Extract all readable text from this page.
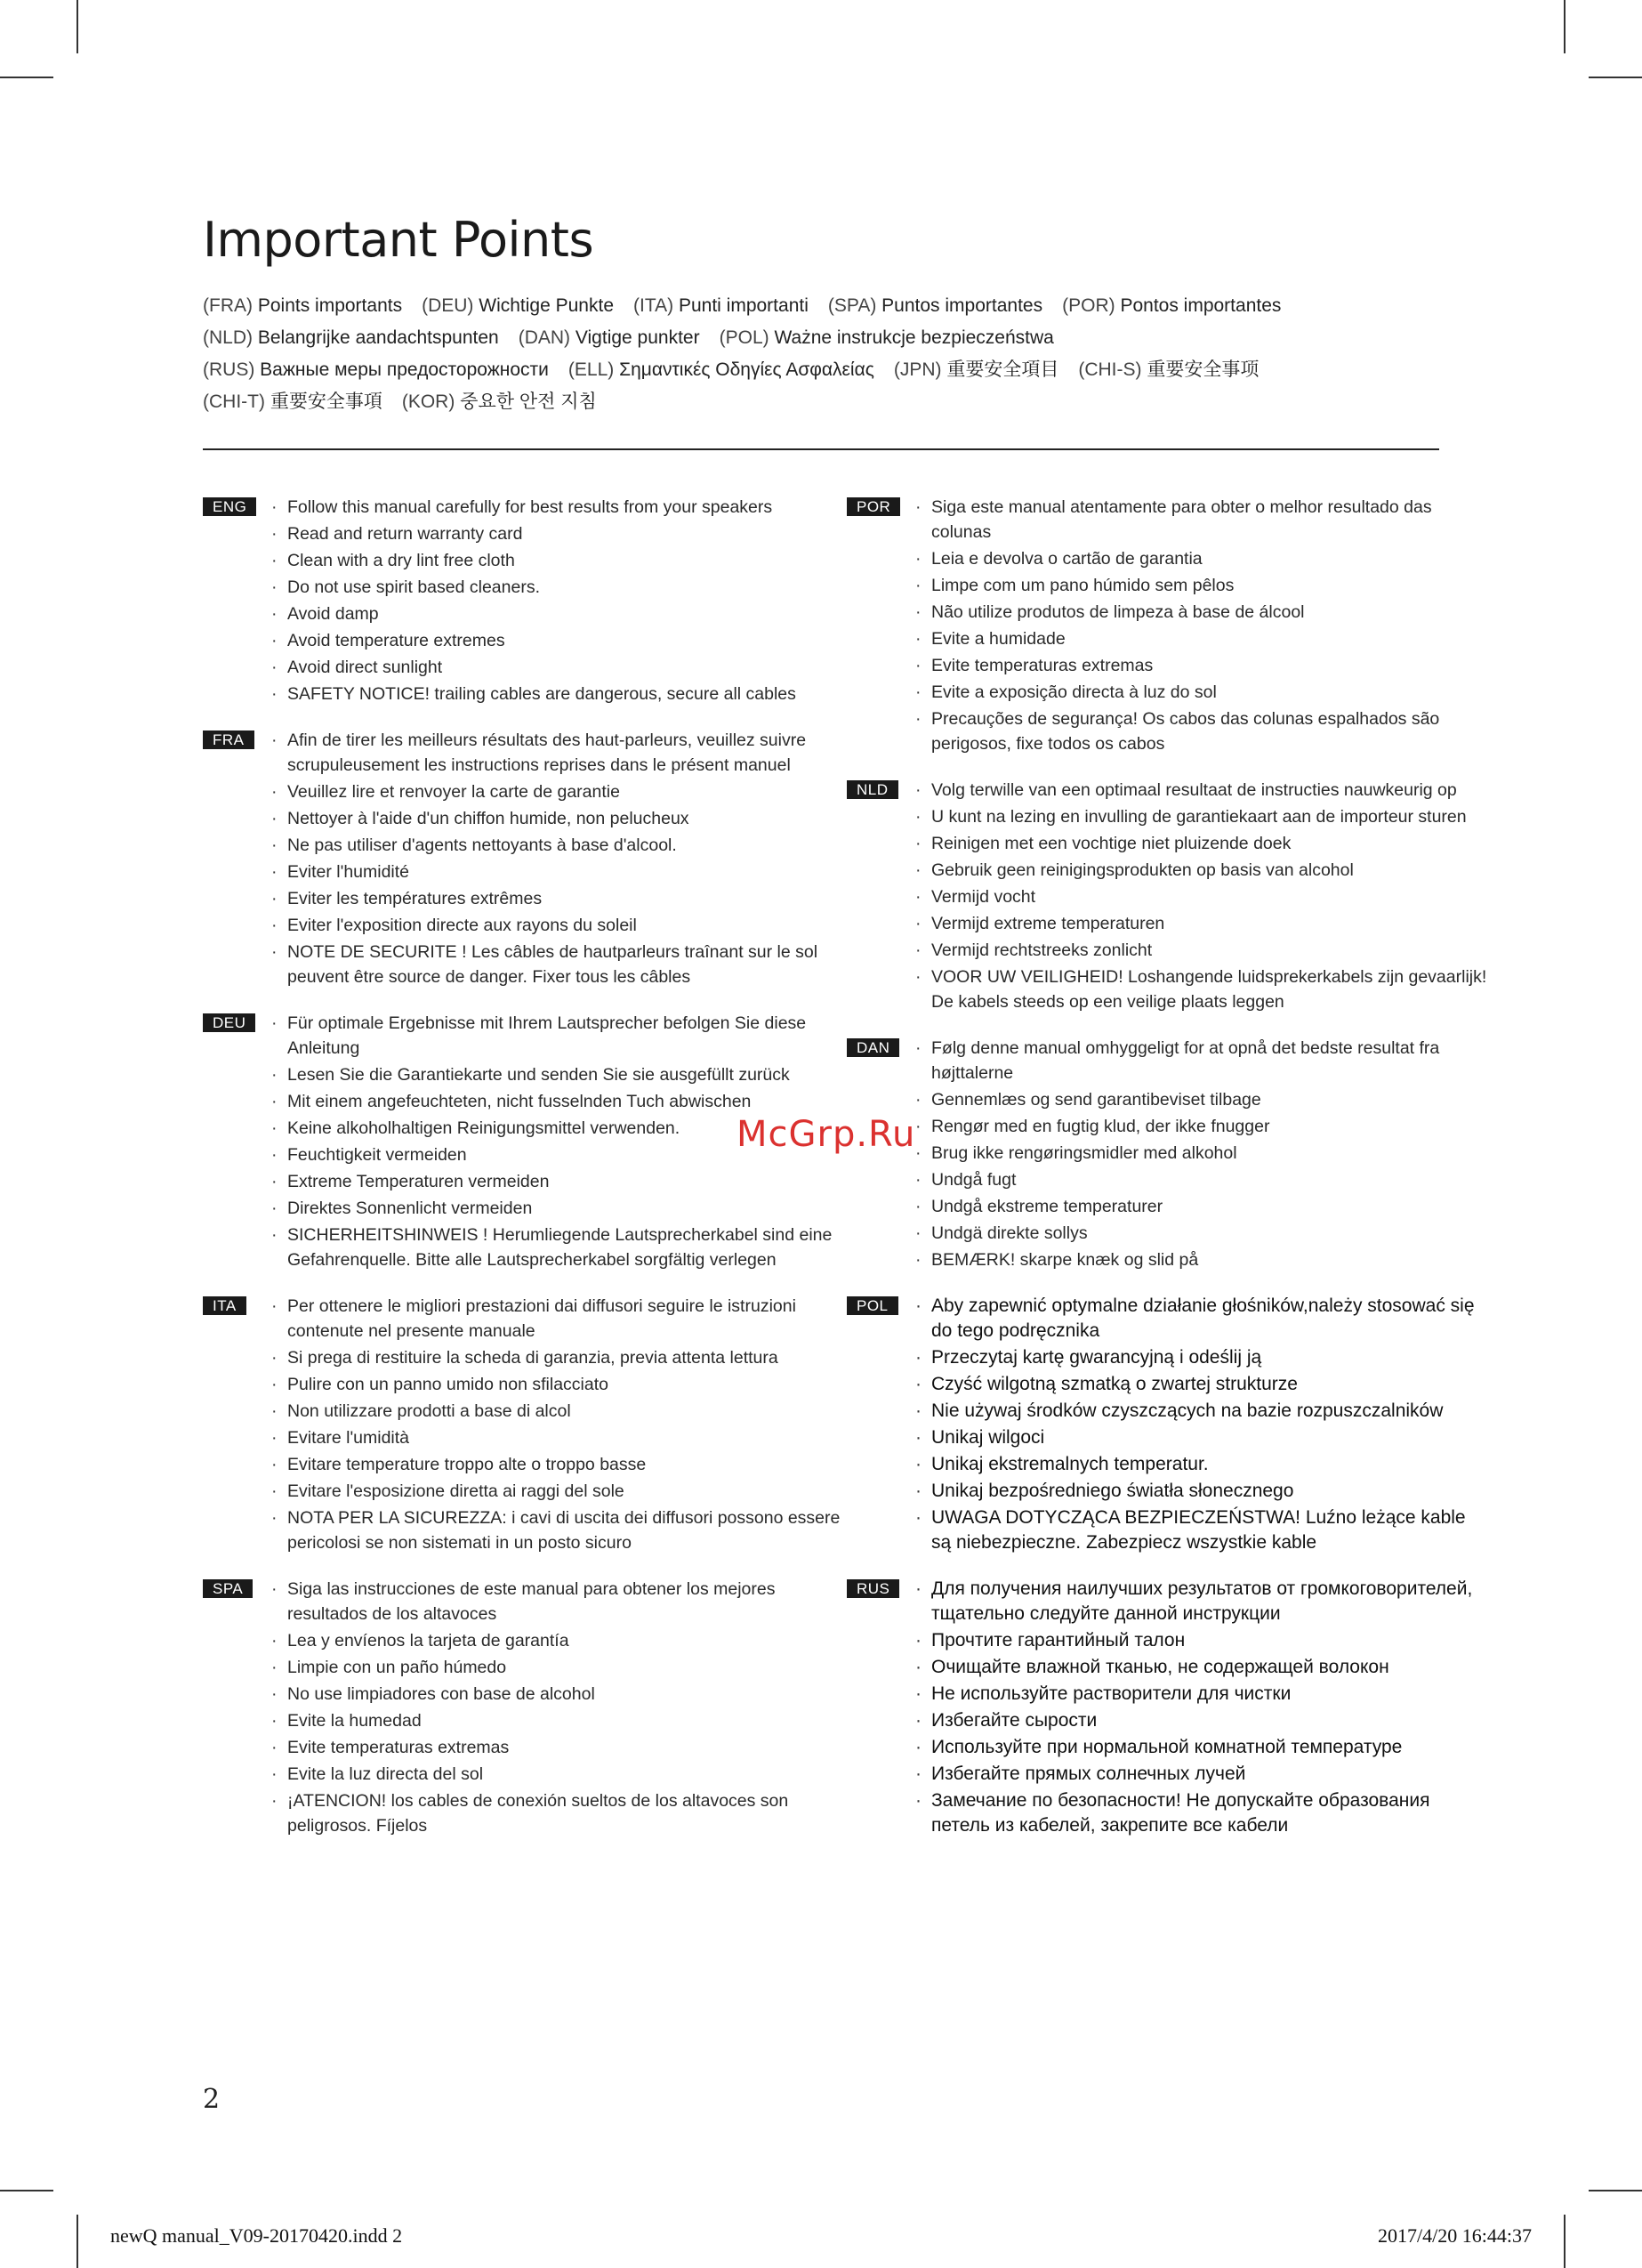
Important Points
(FRA) Points importants (DEU) Wichtige Punkte (ITA) Punti importanti (SPA) Puntos importantes (POR) Pontos importantes
(NLD) Belangrijke aandachtspunten (DAN) Vigtige punkter (POL) Ważne instrukcje bezpieczeństwa
(RUS) Важные меры предосторожности (ELL) Σημαντικές Οδηγίες Ασφαλείας (JPN) 重要安全項目 (CHI-S) 重要安全事项
(CHI-T) 重要安全事項 (KOR) 중요한 안전 지침
ENG	· Follow this manual carefully for best results from your speakers
· Read and return warranty card
· Clean with a dry lint free cloth
· Do not use spirit based cleaners.
· Avoid damp
· Avoid temperature extremes
· Avoid direct sunlight
· SAFETY NOTICE! trailing cables are dangerous, secure all cables
FRA	· Afin de tirer les meilleurs résultats des haut-parleurs, veuillez suivre scrupuleusement les instructions reprises dans le présent manuel
· Veuillez lire et renvoyer la carte de garantie
· Nettoyer à l'aide d'un chiffon humide, non pelucheux
· Ne pas utiliser d'agents nettoyants à base d'alcool.
· Eviter l'humidité
· Eviter les températures extrêmes
· Eviter l'exposition directe aux rayons du soleil
· NOTE DE SECURITE ! Les câbles de hautparleurs traînant sur le sol peuvent être source de danger. Fixer tous les câbles
DEU	· Für optimale Ergebnisse mit Ihrem Lautsprecher befolgen Sie diese Anleitung
· Lesen Sie die Garantiekarte und senden Sie sie ausgefüllt zurück
· Mit einem angefeuchteten, nicht fusselnden Tuch abwischen
· Keine alkoholhaltigen Reinigungsmittel verwenden.
· Feuchtigkeit vermeiden
· Extreme Temperaturen vermeiden
· Direktes Sonnenlicht vermeiden
· SICHERHEITSHINWEIS ! Herumliegende Lautsprecherkabel sind eine Gefahrenquelle. Bitte alle Lautsprecherkabel sorgfältig verlegen
ITA	· Per ottenere le migliori prestazioni dai diffusori seguire le istruzioni contenute nel presente manuale
· Si prega di restituire la scheda di garanzia, previa attenta lettura
· Pulire con un panno umido non sfilacciato
· Non utilizzare prodotti a base di alcol
· Evitare l'umidità
· Evitare temperature troppo alte o troppo basse
· Evitare l'esposizione diretta ai raggi del sole
· NOTA PER LA SICUREZZA: i cavi di uscita dei diffusori possono essere pericolosi se non sistemati in un posto sicuro
SPA	· Siga las instrucciones de este manual para obtener los mejores resultados de los altavoces
· Lea y envíenos la tarjeta de garantía
· Limpie con un paño húmedo
· No use limpiadores con base de alcohol
· Evite la humedad
· Evite temperaturas extremas
· Evite la luz directa del sol
· ¡ATENCION! los cables de conexión sueltos de los altavoces son peligrosos. Fíjelos
POR	· Siga este manual atentamente para obter o melhor resultado das colunas
· Leia e devolva o cartão de garantia
· Limpe com um pano húmido sem pêlos
· Não utilize produtos de limpeza à base de álcool
· Evite a humidade
· Evite temperaturas extremas
· Evite a exposição directa à luz do sol
· Precauções de segurança! Os cabos das colunas espalhados são perigosos, fixe todos os cabos
NLD	· Volg terwille van een optimaal resultaat de instructies nauwkeurig op
· U kunt na lezing en invulling de garantiekaart aan de importeur sturen
· Reinigen met een vochtige niet pluizende doek
· Gebruik geen reinigingsprodukten op basis van alcohol
· Vermijd vocht
· Vermijd extreme temperaturen
· Vermijd rechtstreeks zonlicht
· VOOR UW VEILIGHEID! Loshangende luidsprekerkabels zijn gevaarlijk! De kabels steeds op een veilige plaats leggen
DAN	· Følg denne manual omhyggeligt for at opnå det bedste resultat fra højttalerne
· Gennemlæs og send garantibeviset tilbage
· Rengør med en fugtig klud, der ikke fnugger
· Brug ikke rengøringsmidler med alkohol
· Undgå fugt
· Undgå ekstreme temperaturer
· Undgä direkte sollys
· BEMÆRK! skarpe knæk og slid på
POL	· Aby zapewnić optymalne działanie głośników,należy stosować się do tego podręcznika
· Przeczytaj kartę gwarancyjną i odeślij ją
· Czyść wilgotną szmatką o zwartej strukturze
· Nie używaj środków czyszczących na bazie rozpuszczalników
· Unikaj wilgoci
· Unikaj ekstremalnych temperatur.
· Unikaj bezpośredniego światła słonecznego
· UWAGA DOTYCZĄCA BEZPIECZEŃSTWA! Luźno leżące kable są niebezpieczne. Zabezpiecz wszystkie kable
RUS	· Для получения наилучших результатов от громкоговорителей, тщательно следуйте данной инструкции
· Прочтите гарантийный талон
· Очищайте влажной тканью, не содержащей волокон
· Не используйте растворители для чистки
· Избегайте сырости
· Используйте при нормальной комнатной температуре
· Избегайте прямых солнечных лучей
· Замечание по безопасности! Не допускайте образования петель из кабелей, закрепите все кабели
McGrp.Ru
2
newQ manual_V09-20170420.indd 2	2017/4/20 16:44:37
